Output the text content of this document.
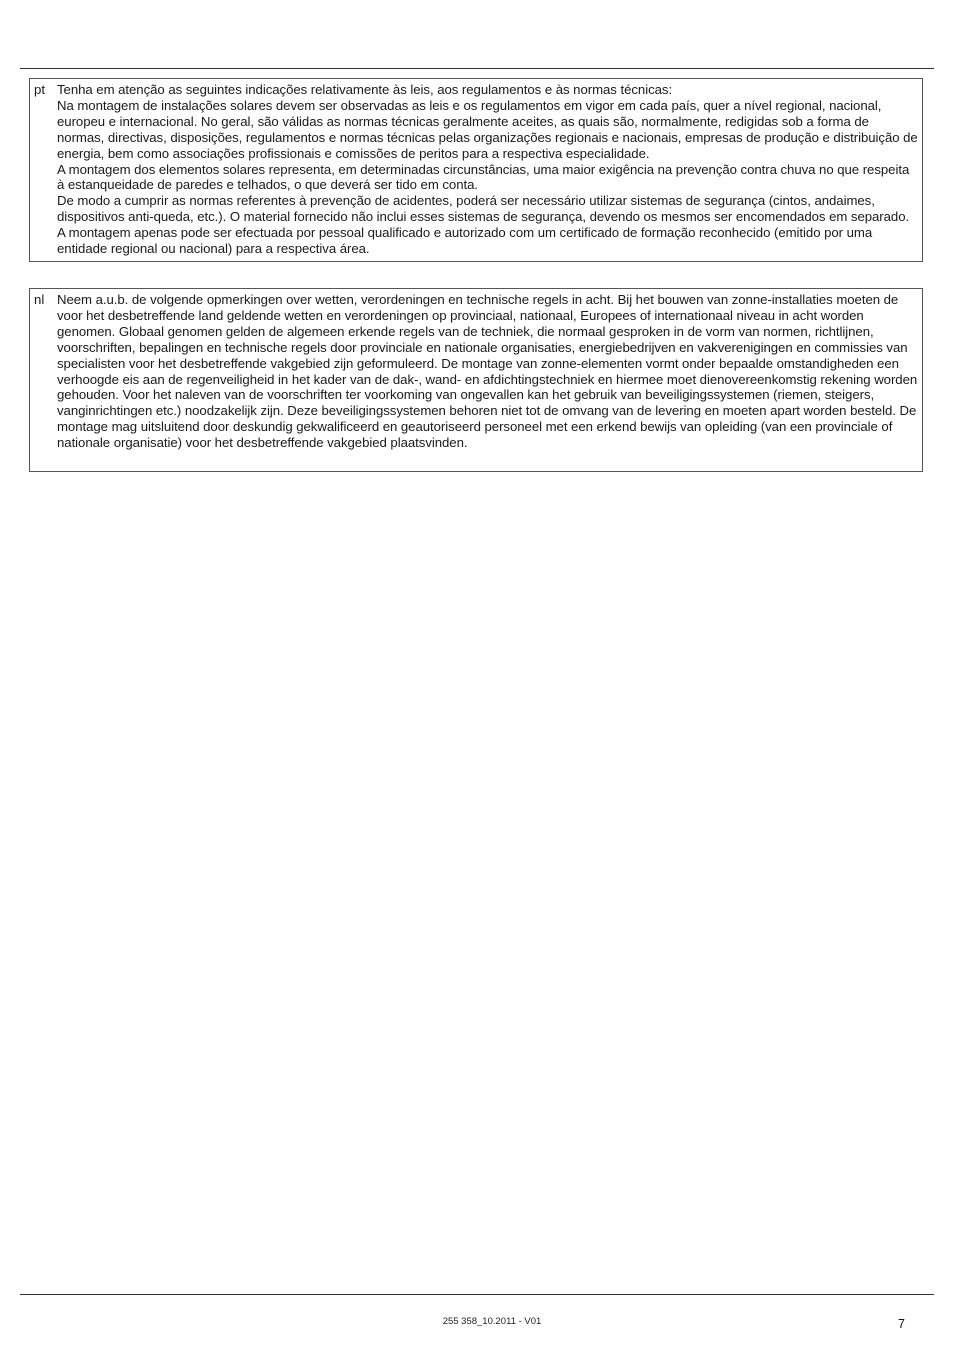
pt Tenha em atenção as seguintes indicações relativamente às leis, aos regulamentos e às normas técnicas:

Na montagem de instalações solares devem ser observadas as leis e os regulamentos em vigor em cada país, quer a nível regional, nacional, europeu e internacional. No geral, são válidas as normas técnicas geralmente aceites, as quais são, normalmente, redigidas sob a forma de normas, directivas, disposições, regulamentos e normas técnicas pelas organizações regionais e nacionais, empresas de produção e distribuição de energia, bem como associações profissionais e comissões de peritos para a respectiva especialidade.

A montagem dos elementos solares representa, em determinadas circunstâncias, uma maior exigência na prevenção contra chuva no que respeita à estanqueidade de paredes e telhados, o que deverá ser tido em conta.

De modo a cumprir as normas referentes à prevenção de acidentes, poderá ser necessário utilizar sistemas de segurança (cintos, andaimes, dispositivos anti-queda, etc.). O material fornecido não inclui esses sistemas de segurança, devendo os mesmos ser encomendados em separado. A montagem apenas pode ser efectuada por pessoal qualificado e autorizado com um certificado de formação reconhecido (emitido por uma entidade regional ou nacional) para a respectiva área.

nl Neem a.u.b. de volgende opmerkingen over wetten, verordeningen en technische regels in acht. Bij het bouwen van zonne-installaties moeten de voor het desbetreffende land geldende wetten en verordeningen op provinciaal, nationaal, Europees of internationaal niveau in acht worden genomen. Globaal genomen gelden de algemeen erkende regels van de techniek, die normaal gesproken in de vorm van normen, richtlijnen, voorschriften, bepalingen en technische regels door provinciale en nationale organisaties, energiebedrijven en vakverenigingen en commissies van specialisten voor het desbetreffende vakgebied zijn geformuleerd. De montage van zonne-elementen vormt onder bepaalde omstandigheden een verhoogde eis aan de regenveiligheid in het kader van de dak-, wand- en afdichtingstechniek en hiermee moet dienovereenkomstig rekening worden gehouden. Voor het naleven van de voorschriften ter voorkoming van ongevallen kan het gebruik van beveiligingssystemen (riemen, steigers, vanginrichtingen etc.) noodzakelijk zijn. Deze beveiligingssystemen behoren niet tot de omvang van de levering en moeten apart worden besteld. De montage mag uitsluitend door deskundig gekwalificeerd en geautoriseerd personeel met een erkend bewijs van opleiding (van een provinciale of nationale organisatie) voor het desbetreffende vakgebied plaatsvinden.

255 358_10.2011 - V01	7
